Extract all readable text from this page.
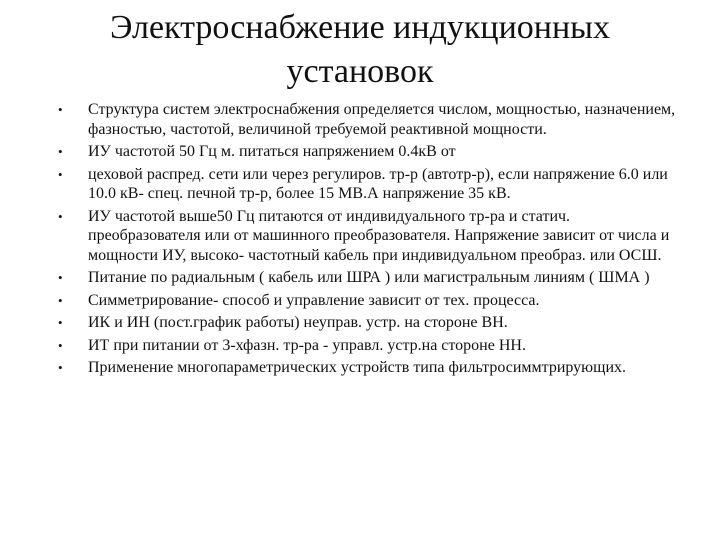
Электроснабжение индукционных установок
•	Структура систем электроснабжения определяется числом, мощностью, назначением, фазностью, частотой, величиной требуемой реактивной мощности.
•	ИУ частотой 50 Гц м. питаться напряжением 0.4кВ от
•	цеховой распред. сети или через регулиров. тр-р (автотр-р), если напряжение 6.0 или 10.0 кВ- спец. печной тр-р, более 15 МВ.А напряжение 35 кВ.
•	ИУ частотой выше50 Гц питаются от индивидуального тр-ра и статич. преобразователя или от машинного преобразователя. Напряжение зависит от числа и мощности ИУ, высоко- частотный кабель при индивидуальном преобраз. или ОСШ.
•	Питание по радиальным ( кабель или ШРА ) или магистральным линиям ( ШМА )
•	Симметрирование- способ и управление зависит от тех. процесса.
•	ИК и ИН (пост.график работы) неуправ. устр. на стороне ВН.
•	ИТ при питании от 3-хфазн. тр-ра - управл. устр.на стороне НН.
•	Применение многопараметрических устройств типа фильтросиммтрирующих.
